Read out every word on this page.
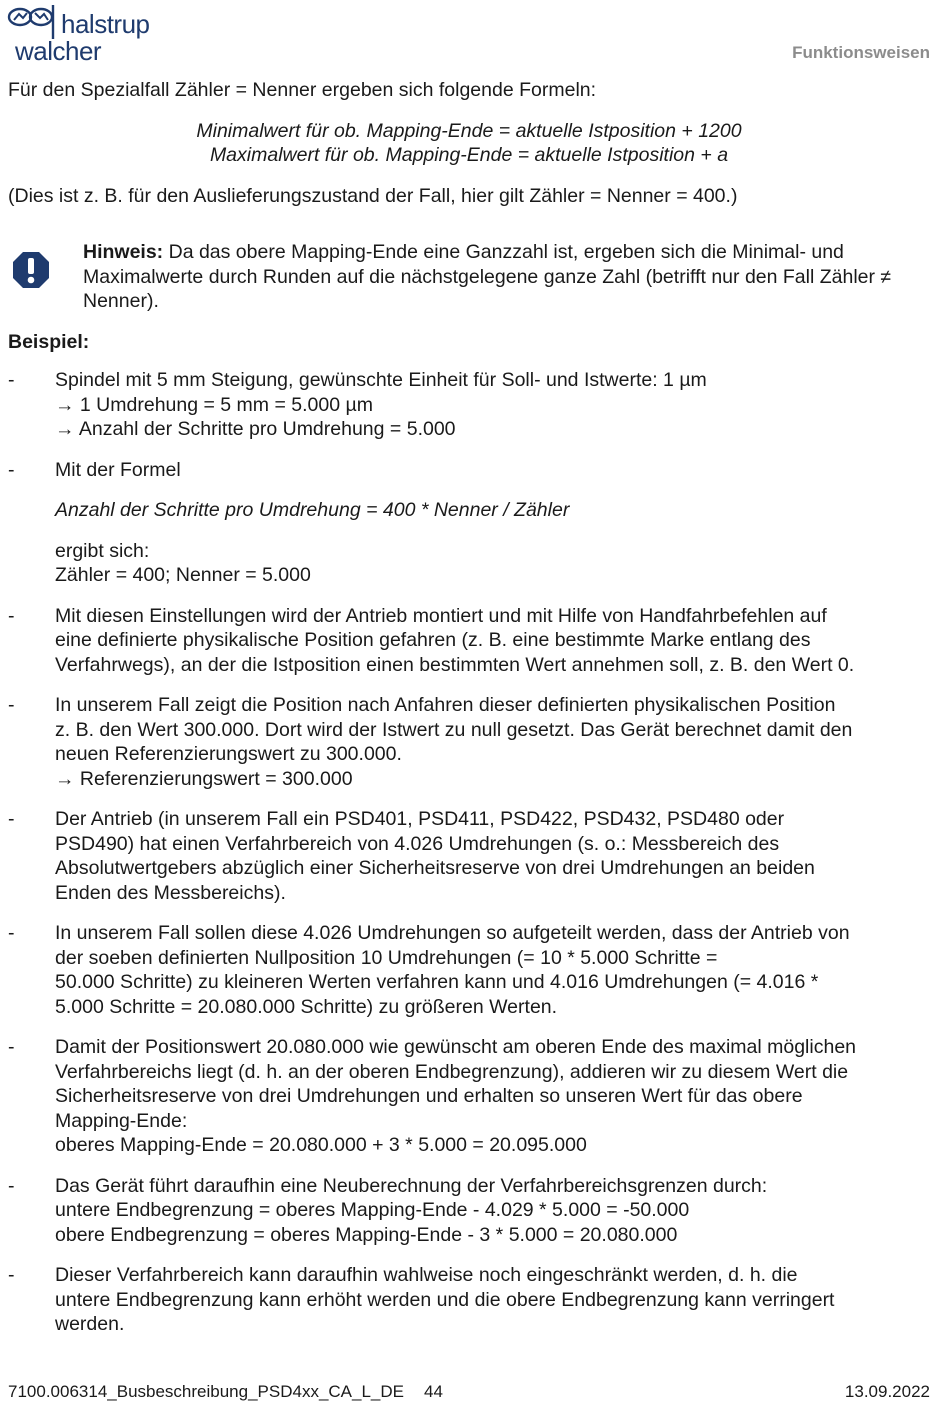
halstrup
walcher	Funktionsweisen

Für den Spezialfall Zähler = Nenner ergeben sich folgende Formeln:

Minimalwert für ob. Mapping-Ende = aktuelle Istposition + 1200

Maximalwert für ob. Mapping-Ende = aktuelle Istposition + a

(Dies ist z. B. für den Auslieferungszustand der Fall, hier gilt Zähler = Nenner = 400.)

Hinweis: Da das obere Mapping-Ende eine Ganzzahl ist, ergeben sich die Minimal- und Maximalwerte durch Runden auf die nächstgelegene ganze Zahl (betrifft nur den Fall Zähler ≠ Nenner).

Beispiel:

- Spindel mit 5 mm Steigung, gewünschte Einheit für Soll- und Istwerte: 1 µm
→ 1 Umdrehung = 5 mm = 5.000 µm
→ Anzahl der Schritte pro Umdrehung = 5.000
- Mit der Formel
Anzahl der Schritte pro Umdrehung = 400 * Nenner / Zähler
ergibt sich:
Zähler = 400; Nenner = 5.000
- Mit diesen Einstellungen wird der Antrieb montiert und mit Hilfe von Handfahrbefehlen auf
eine definierte physikalische Position gefahren (z. B. eine bestimmte Marke entlang des
Verfahrwegs), an der die Istposition einen bestimmten Wert annehmen soll, z. B. den Wert 0.
- In unserem Fall zeigt die Position nach Anfahren dieser definierten physikalischen Position
z. B. den Wert 300.000. Dort wird der Istwert zu null gesetzt. Das Gerät berechnet damit den
neuen Referenzierungswert zu 300.000.
→ Referenzierungswert = 300.000
- Der Antrieb (in unserem Fall ein PSD401, PSD411, PSD422, PSD432, PSD480 oder
PSD490) hat einen Verfahrbereich von 4.026 Umdrehungen (s. o.: Messbereich des
Absolutwertgebers abzüglich einer Sicherheitsreserve von drei Umdrehungen an beiden
Enden des Messbereichs).
- In unserem Fall sollen diese 4.026 Umdrehungen so aufgeteilt werden, dass der Antrieb von
der soeben definierten Nullposition 10 Umdrehungen (= 10 * 5.000 Schritte =
50.000 Schritte) zu kleineren Werten verfahren kann und 4.016 Umdrehungen (= 4.016 *
5.000 Schritte = 20.080.000 Schritte) zu größeren Werten.
- Damit der Positionswert 20.080.000 wie gewünscht am oberen Ende des maximal möglichen
Verfahrbereichs liegt (d. h. an der oberen Endbegrenzung), addieren wir zu diesem Wert die
Sicherheitsreserve von drei Umdrehungen und erhalten so unseren Wert für das obere
Mapping-Ende:
oberes Mapping-Ende = 20.080.000 + 3 * 5.000 = 20.095.000
- Das Gerät führt daraufhin eine Neuberechnung der Verfahrbereichsgrenzen durch:
untere Endbegrenzung = oberes Mapping-Ende - 4.029 * 5.000 = -50.000
obere Endbegrenzung = oberes Mapping-Ende - 3 * 5.000 = 20.080.000
- Dieser Verfahrbereich kann daraufhin wahlweise noch eingeschränkt werden, d. h. die
untere Endbegrenzung kann erhöht werden und die obere Endbegrenzung kann verringert
werden.
7100.006314_Busbeschreibung_PSD4xx_CA_L_DE 44	13.09.2022
